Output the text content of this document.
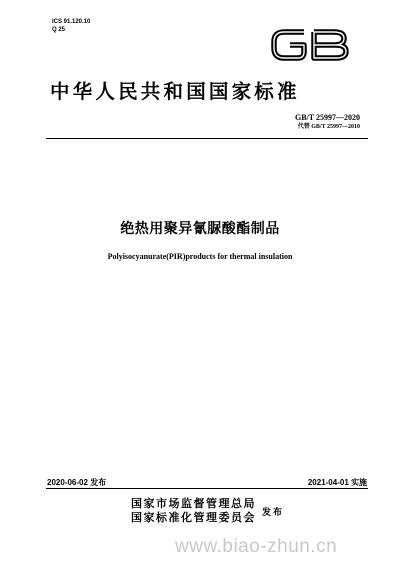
ICS 91.120.10
Q 25
中华人民共和国国家标准
GB/T 25997—2020
代替 GB/T 25997—2010
绝热用聚异氰脲酸酯制品
Polyisocyanurate(PIR)products for thermal insulation
2020-06-02 发布	2021-04-01 实施
国家市场监督管理总局
国家标准化管理委员会 发布
www.biao-zhun.cn
